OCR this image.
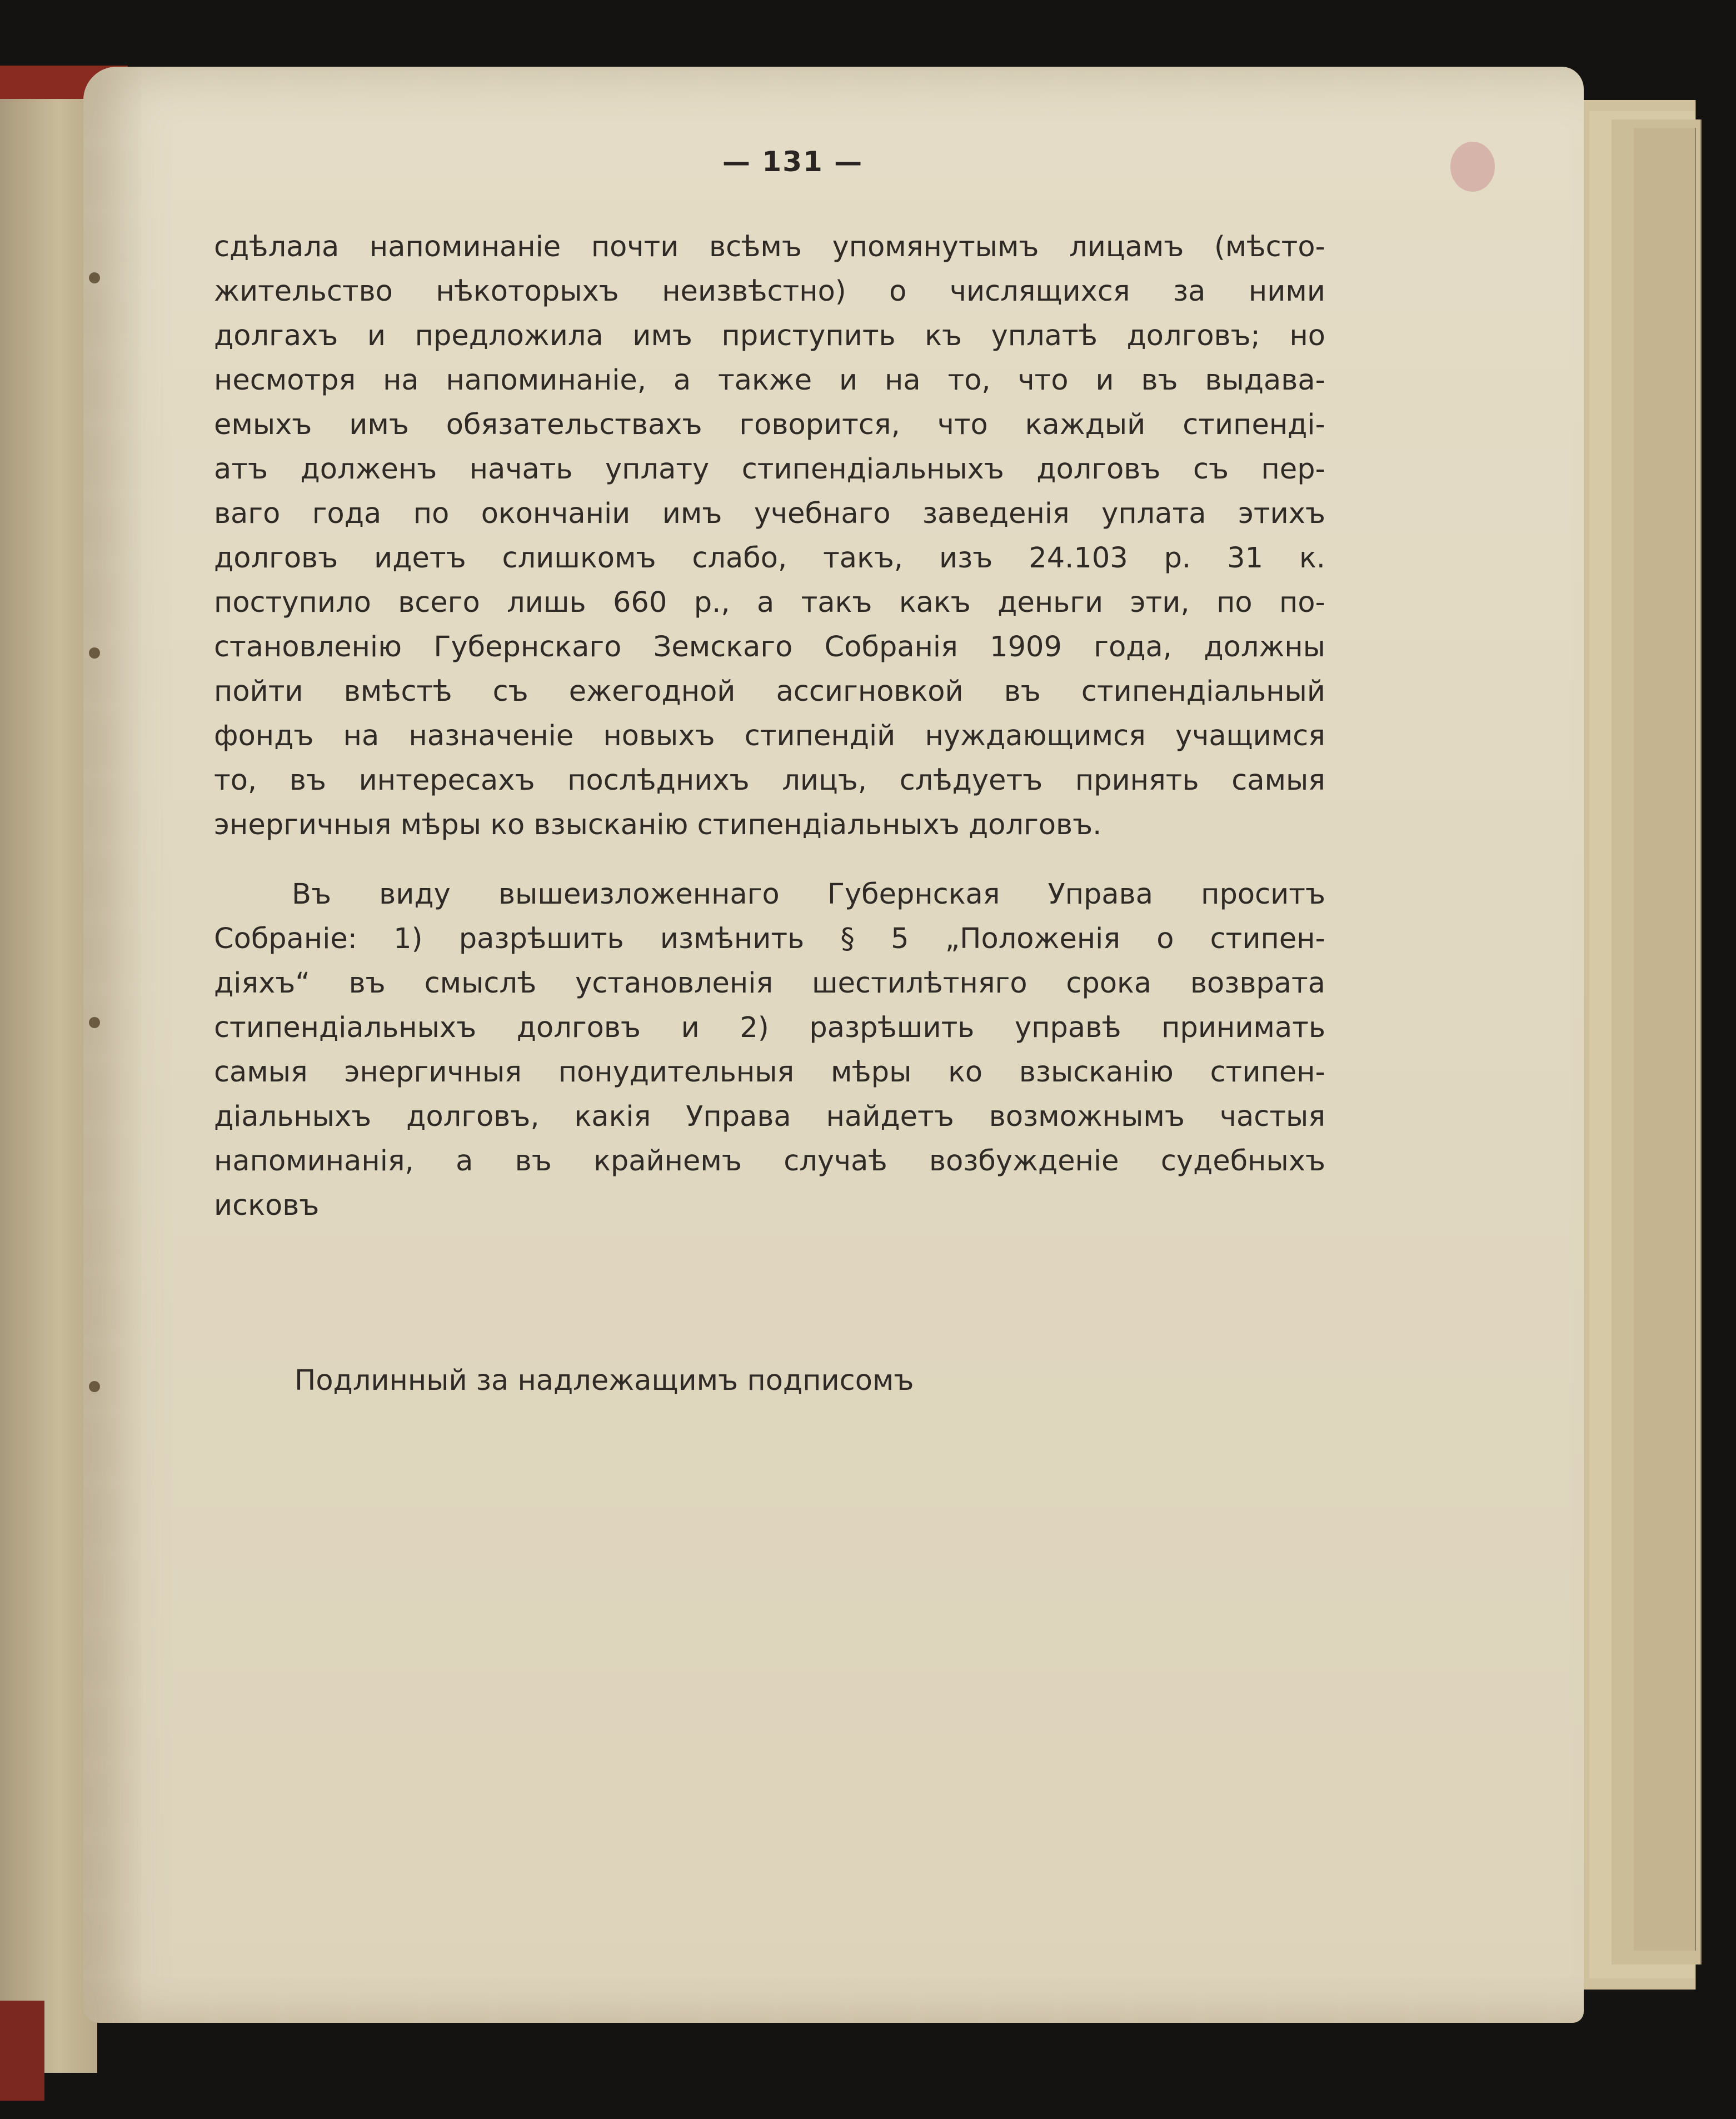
— 131 —
сдѣлала напоминанiе почти всѣмъ упомянутымъ лицамъ (мѣсто-
жительство нѣкоторыхъ неизвѣстно) о числящихся за ними
долгахъ и предложила имъ приступить къ уплатѣ долговъ; но
несмотря на напоминанiе, а также и на то, что и въ выдава-
емыхъ имъ обязательствахъ говорится, что каждый стипендi-
атъ долженъ начать уплату стипендiальныхъ долговъ съ пер-
ваго года по окончанiи имъ учебнаго заведенiя уплата этихъ
долговъ идетъ слишкомъ слабо, такъ, изъ 24.103 р. 31 к.
поступило всего лишь 660 р., а такъ какъ деньги эти, по по-
становленiю Губернскаго Земскаго Собранiя 1909 года, должны
пойти вмѣстѣ съ ежегодной ассигновкой въ стипендiальный
фондъ на назначенiе новыхъ стипендiй нуждающимся учащимся
то, въ интересахъ послѣднихъ лицъ, слѣдуетъ принять самыя
энергичныя мѣры ко взысканiю стипендiальныхъ долговъ.
Въ виду вышеизложеннаго Губернская Управа проситъ
Собранiе: 1) разрѣшить измѣнить § 5 „Положенiя о стипен-
дiяхъ“ въ смыслѣ установленiя шестилѣтняго срока возврата
стипендiальныхъ долговъ и 2) разрѣшить управѣ принимать
самыя энергичныя понудительныя мѣры ко взысканiю стипен-
дiальныхъ долговъ, какiя Управа найдетъ возможнымъ частыя
напоминанiя, а въ крайнемъ случаѣ возбужденiе судебныхъ
исковъ
Подлинный за надлежащимъ подписомъ
